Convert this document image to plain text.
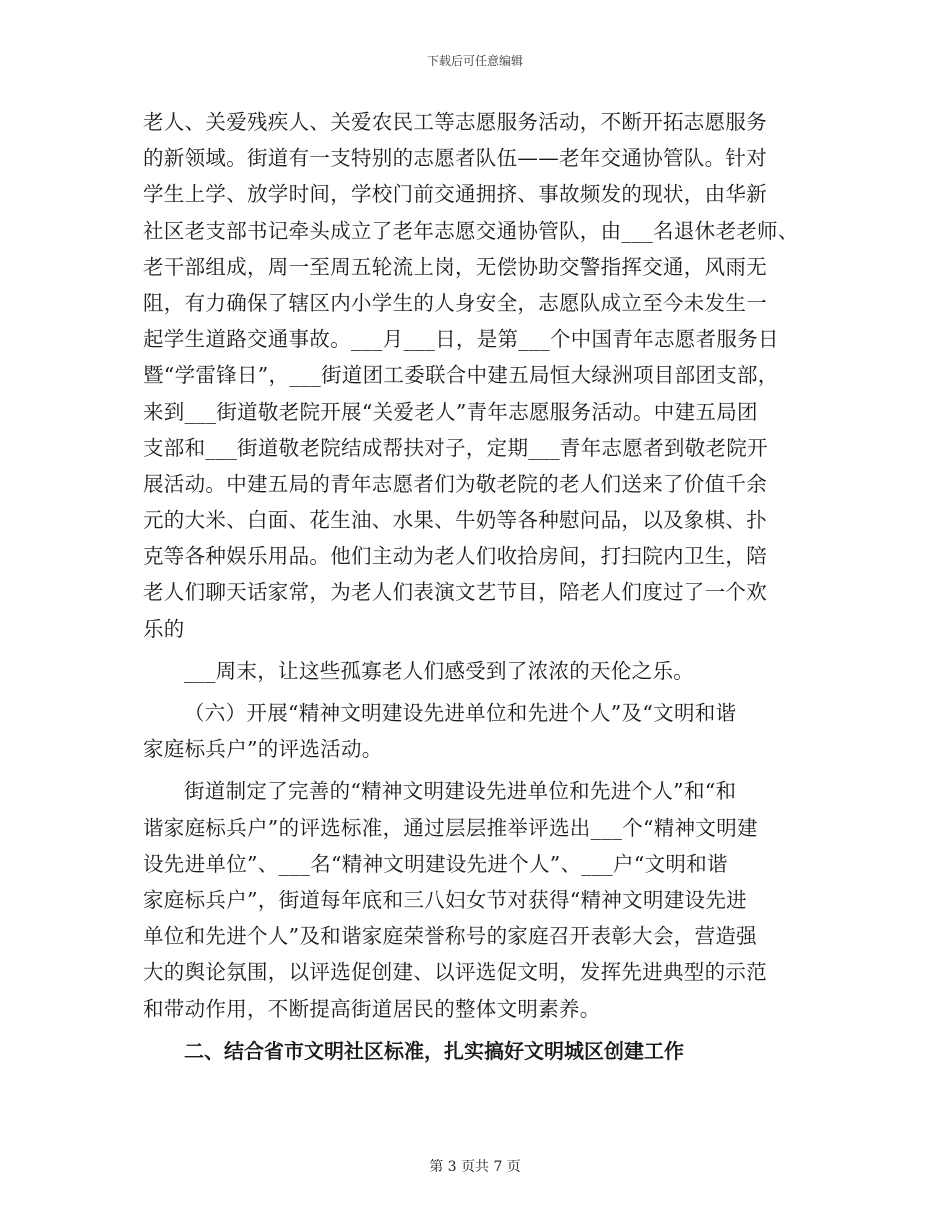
下载后可任意编辑
老人、关爱残疾人、关爱农民工等志愿服务活动，不断开拓志愿服务
的新领域。街道有一支特别的志愿者队伍——老年交通协管队。针对
学生上学、放学时间，学校门前交通拥挤、事故频发的现状，由华新
社区老支部书记牵头成立了老年志愿交通协管队，由___名退休老老师、
老干部组成，周一至周五轮流上岗，无偿协助交警指挥交通，风雨无
阻，有力确保了辖区内小学生的人身安全，志愿队成立至今未发生一
起学生道路交通事故。___月___日，是第___个中国青年志愿者服务日
暨“学雷锋日”，___街道团工委联合中建五局恒大绿洲项目部团支部，
来到___街道敬老院开展“关爱老人”青年志愿服务活动。中建五局团
支部和___街道敬老院结成帮扶对子，定期___青年志愿者到敬老院开
展活动。中建五局的青年志愿者们为敬老院的老人们送来了价值千余
元的大米、白面、花生油、水果、牛奶等各种慰问品，以及象棋、扑
克等各种娱乐用品。他们主动为老人们收拾房间，打扫院内卫生，陪
老人们聊天话家常，为老人们表演文艺节目，陪老人们度过了一个欢
乐的
___周末，让这些孤寡老人们感受到了浓浓的天伦之乐。
（六）开展“精神文明建设先进单位和先进个人”及“文明和谐
家庭标兵户”的评选活动。
街道制定了完善的“精神文明建设先进单位和先进个人”和“和
谐家庭标兵户”的评选标准，通过层层推举评选出___个“精神文明建
设先进单位”、___名“精神文明建设先进个人”、___户“文明和谐
家庭标兵户”，街道每年底和三八妇女节对获得“精神文明建设先进
单位和先进个人”及和谐家庭荣誉称号的家庭召开表彰大会，营造强
大的舆论氛围，以评选促创建、以评选促文明，发挥先进典型的示范
和带动作用，不断提高街道居民的整体文明素养。
二、结合省市文明社区标准，扎实搞好文明城区创建工作
第 3 页共 7 页
